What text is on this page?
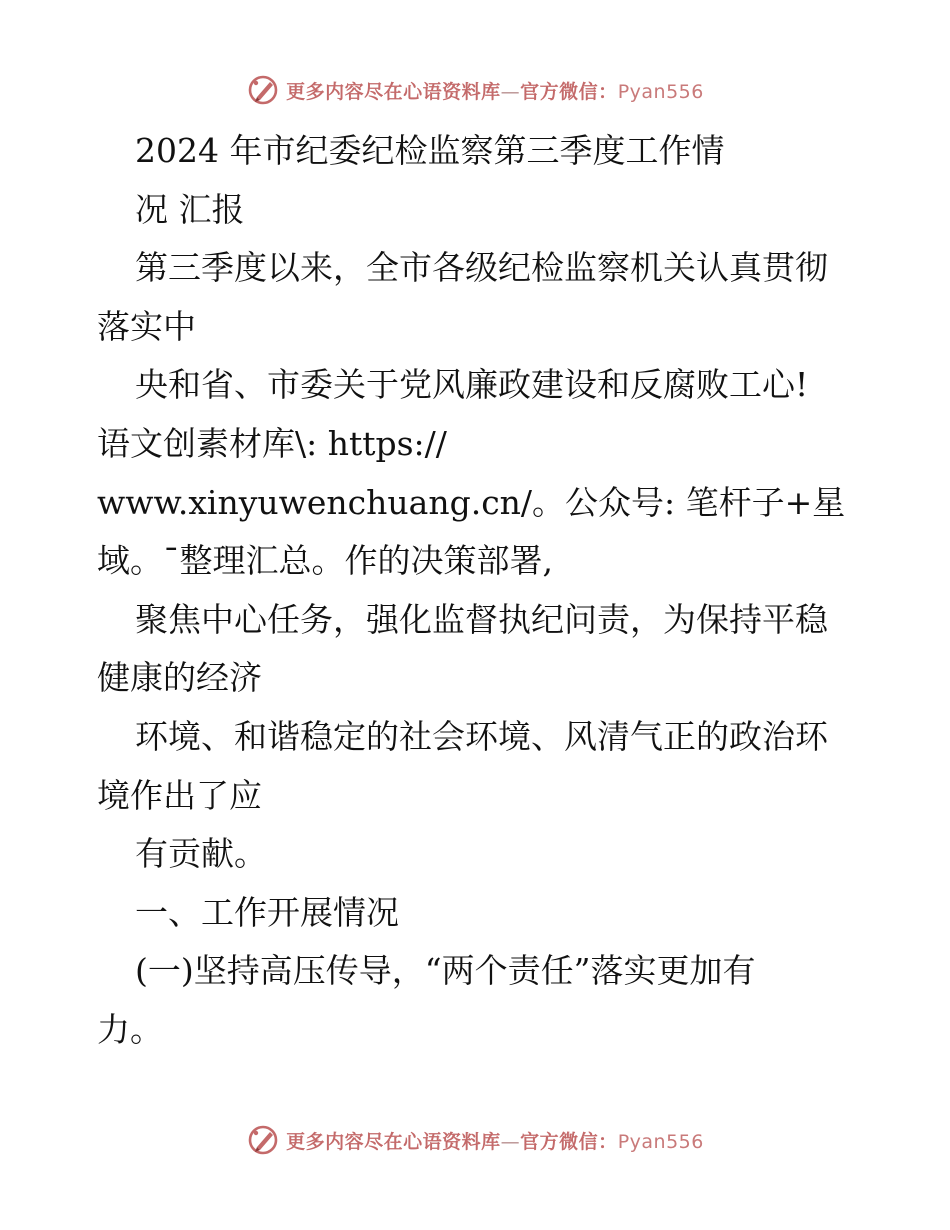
更多内容尽在心语资料库—官方微信：Pyan556
2024 年市纪委纪检监察第三季度工作情
况 汇报
第三季度以来，全市各级纪检监察机关认真贯彻
落实中
央和省、市委关于党风廉政建设和反腐败工心!
语文创素材库\: https://
www.xinyuwenchuang.cn/。公众号: 笔杆子+星
域。¯整理汇总。作的决策部署,
聚焦中心任务，强化监督执纪问责，为保持平稳
健康的经济
环境、和谐稳定的社会环境、风清气正的政治环
境作出了应
有贡献。
一、工作开展情况
(一)坚持高压传导，“两个责任”落实更加有
力。
更多内容尽在心语资料库—官方微信：Pyan556
